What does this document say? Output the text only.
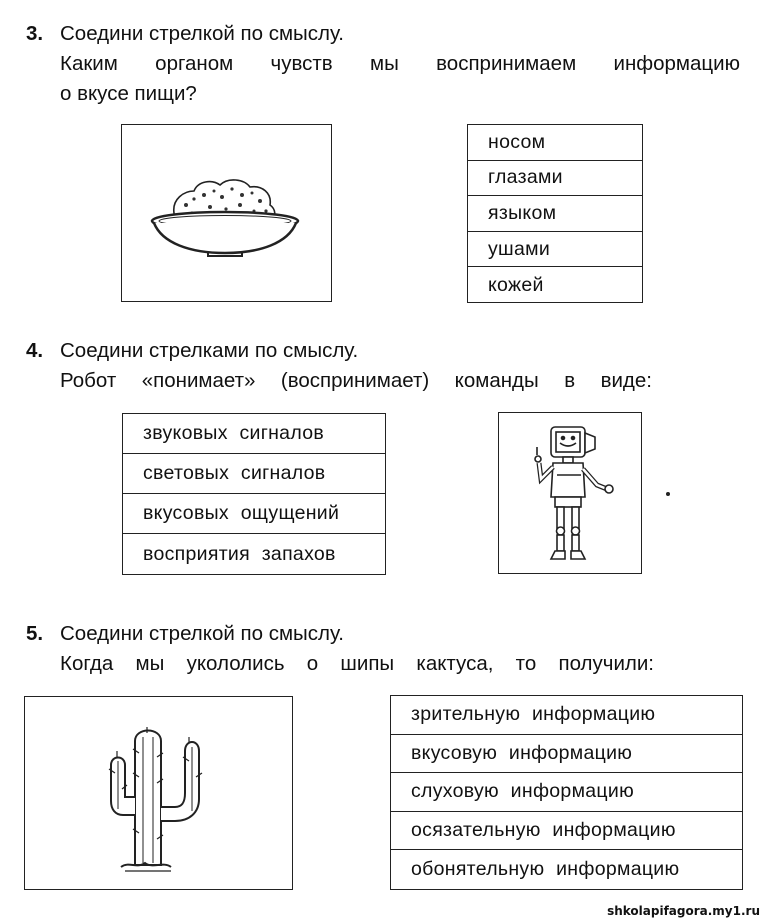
3. Соедини стрелкой по смыслу.
Каким органом чувств мы воспринимаем информацию
о вкусе пищи?
носом
глазами
языком
ушами
кожей
4. Соедини стрелками по смыслу.
Робот «понимает» (воспринимает) команды в виде:
звуковых сигналов
световых сигналов
вкусовых ощущений
восприятия запахов
5. Соедини стрелкой по смыслу.
Когда мы укололись о шипы кактуса, то получили:
зрительную информацию
вкусовую информацию
слуховую информацию
осязательную информацию
обонятельную информацию
shkolapifagora.my1.ru
